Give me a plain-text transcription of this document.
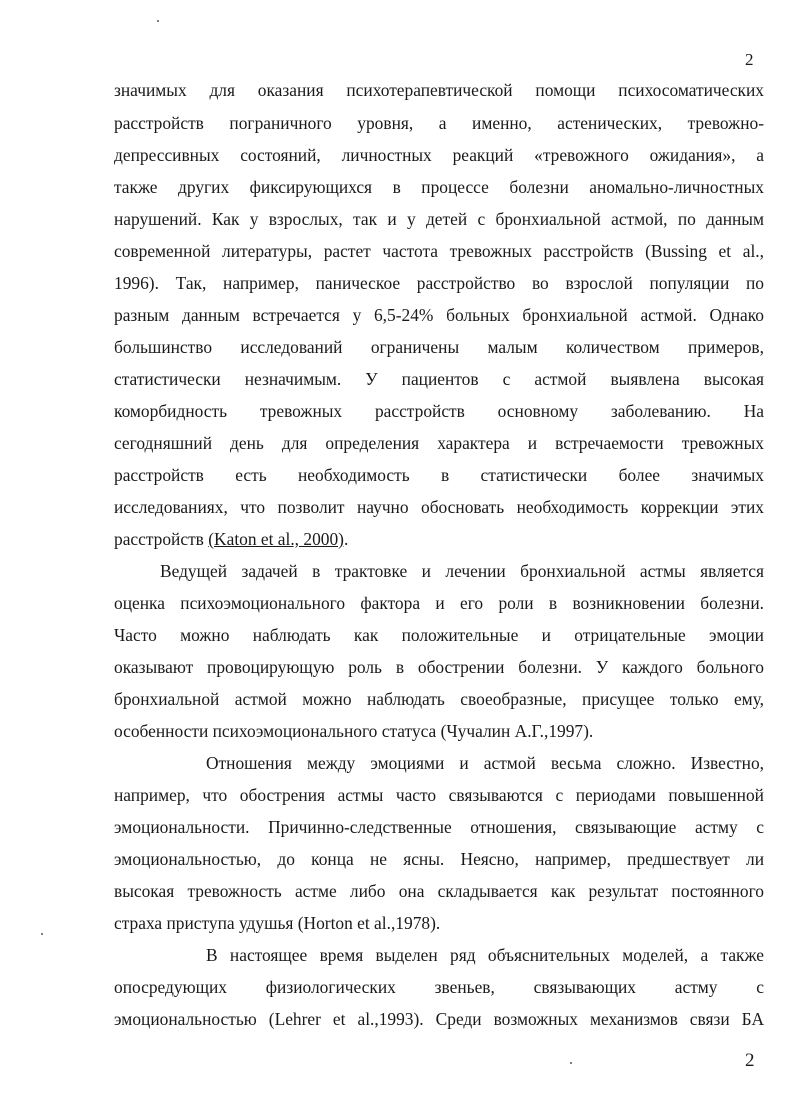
2
значимых для оказания психотерапевтической помощи психосоматических
расстройств пограничного уровня, а именно, астенических, тревожно-
депрессивных состояний, личностных реакций «тревожного ожидания», а
также других фиксирующихся в процессе болезни аномально-личностных
нарушений. Как у взрослых, так и у детей с бронхиальной астмой, по данным
современной литературы, растет частота тревожных расстройств (Bussing et al.,
1996). Так, например, паническое расстройство во взрослой популяции по
разным данным встречается у 6,5-24% больных бронхиальной астмой. Однако
большинство исследований ограничены малым количеством примеров,
статистически незначимым. У пациентов с астмой выявлена высокая
коморбидность тревожных расстройств основному заболеванию. На
сегодняшний день для определения характера и встречаемости тревожных
расстройств есть необходимость в статистически более значимых
исследованиях, что позволит научно обосновать необходимость коррекции этих
расстройств (Katon et al., 2000).
Ведущей задачей в трактовке и лечении бронхиальной астмы является
оценка психоэмоционального фактора и его роли в возникновении болезни.
Часто можно наблюдать как положительные и отрицательные эмоции
оказывают провоцирующую роль в обострении болезни. У каждого больного
бронхиальной астмой можно наблюдать своеобразные, присущее только ему,
особенности психоэмоционального статуса (Чучалин А.Г.,1997).
Отношения между эмоциями и астмой весьма сложно. Известно,
например, что обострения астмы часто связываются с периодами повышенной
эмоциональности. Причинно-следственные отношения, связывающие астму с
эмоциональностью, до конца не ясны. Неясно, например, предшествует ли
высокая тревожность астме либо она складывается как результат постоянного
страха приступа удушья (Horton et al.,1978).
В настоящее время выделен ряд объяснительных моделей, а также
опосредующих физиологических звеньев, связывающих астму с
эмоциональностью (Lehrer et al.,1993). Среди возможных механизмов связи БА
2
